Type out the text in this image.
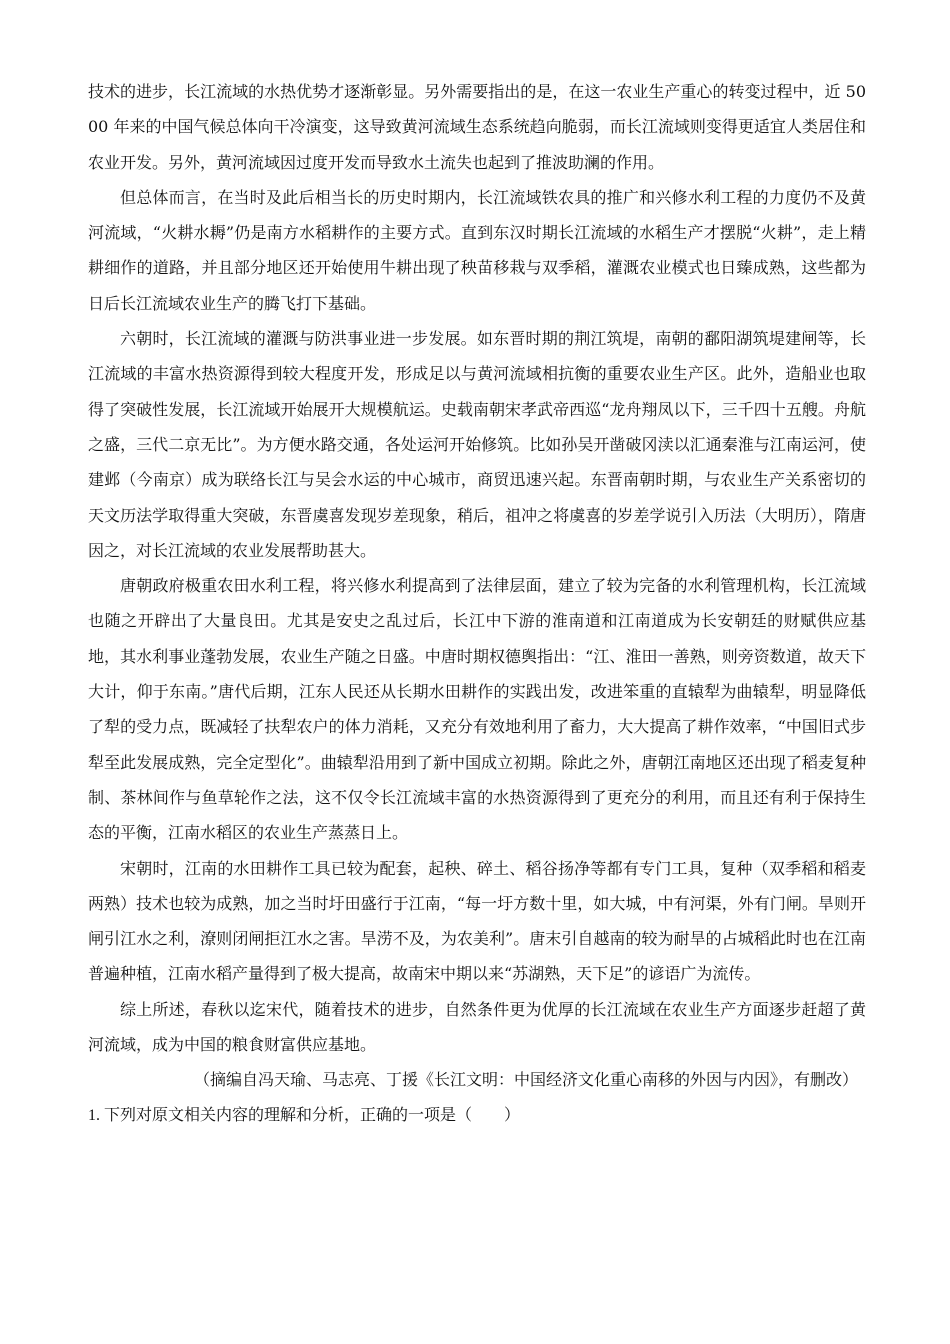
技术的进步，长江流域的水热优势才逐渐彰显。另外需要指出的是，在这一农业生产重心的转变过程中，近 5000 年来的中国气候总体向干冷演变，这导致黄河流域生态系统趋向脆弱，而长江流域则变得更适宜人类居住和农业开发。另外，黄河流域因过度开发而导致水土流失也起到了推波助澜的作用。

但总体而言，在当时及此后相当长的历史时期内，长江流域铁农具的推广和兴修水利工程的力度仍不及黄河流域，“火耕水耨”仍是南方水稻耕作的主要方式。直到东汉时期长江流域的水稻生产才摆脱“火耕”，走上精耕细作的道路，并且部分地区还开始使用牛耕出现了秧苗移栽与双季稻，灌溉农业模式也日臻成熟，这些都为日后长江流域农业生产的腾飞打下基础。

六朝时，长江流域的灌溉与防洪事业进一步发展。如东晋时期的荆江筑堤，南朝的鄱阳湖筑堤建闸等，长江流域的丰富水热资源得到较大程度开发，形成足以与黄河流域相抗衡的重要农业生产区。此外，造船业也取得了突破性发展，长江流域开始展开大规模航运。史载南朝宋孝武帝西巡“龙舟翔凤以下，三千四十五艘。舟航之盛，三代二京无比”。为方便水路交通，各处运河开始修筑。比如孙吴开凿破冈渎以汇通秦淮与江南运河，使建邺（今南京）成为联络长江与吴会水运的中心城市，商贸迅速兴起。东晋南朝时期，与农业生产关系密切的天文历法学取得重大突破，东晋虞喜发现岁差现象，稍后，祖冲之将虞喜的岁差学说引入历法（大明历），隋唐因之，对长江流域的农业发展帮助甚大。

唐朝政府极重农田水利工程，将兴修水利提高到了法律层面，建立了较为完备的水利管理机构，长江流域也随之开辟出了大量良田。尤其是安史之乱过后，长江中下游的淮南道和江南道成为长安朝廷的财赋供应基地，其水利事业蓬勃发展，农业生产随之日盛。中唐时期权德舆指出：“江、淮田一善熟，则旁资数道，故天下大计，仰于东南。”唐代后期，江东人民还从长期水田耕作的实践出发，改进笨重的直辕犁为曲辕犁，明显降低了犁的受力点，既减轻了扶犁农户的体力消耗，又充分有效地利用了畜力，大大提高了耕作效率，“中国旧式步犁至此发展成熟，完全定型化”。曲辕犁沿用到了新中国成立初期。除此之外，唐朝江南地区还出现了稻麦复种制、茶林间作与鱼草轮作之法，这不仅令长江流域丰富的水热资源得到了更充分的利用，而且还有利于保持生态的平衡，江南水稻区的农业生产蒸蒸日上。

宋朝时，江南的水田耕作工具已较为配套，起秧、碎土、稻谷扬净等都有专门工具，复种（双季稻和稻麦两熟）技术也较为成熟，加之当时圩田盛行于江南，“每一圩方数十里，如大城，中有河渠，外有门闸。旱则开闸引江水之利，潦则闭闸拒江水之害。旱涝不及，为农美利”。唐末引自越南的较为耐旱的占城稻此时也在江南普遍种植，江南水稻产量得到了极大提高，故南宋中期以来“苏湖熟，天下足”的谚语广为流传。

综上所述，春秋以迄宋代，随着技术的进步，自然条件更为优厚的长江流域在农业生产方面逐步赶超了黄河流域，成为中国的粮食财富供应基地。

（摘编自冯天瑜、马志亮、丁援《长江文明：中国经济文化重心南移的外因与内因》，有删改）

1. 下列对原文相关内容的理解和分析，正确的一项是（　　）
